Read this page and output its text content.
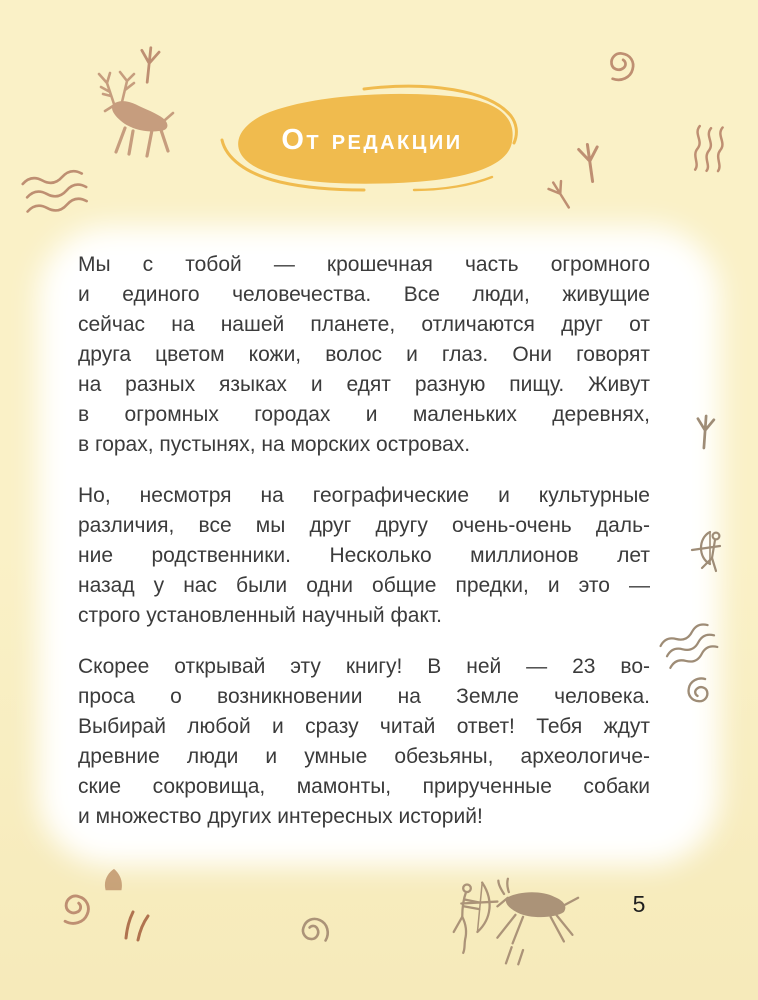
От редакции
Мы с тобой — крошечная часть огромного
и единого человечества. Все люди, живущие
сейчас на нашей планете, отличаются друг от
друга цветом кожи, волос и глаз. Они говорят
на разных языках и едят разную пищу. Живут
в огромных городах и маленьких деревнях,
в горах, пустынях, на морских островах.
Но, несмотря на географические и культурные
различия, все мы друг другу очень-очень даль-
ние родственники. Несколько миллионов лет
назад у нас были одни общие предки, и это —
строго установленный научный факт.
Скорее открывай эту книгу! В ней — 23 во-
проса о возникновении на Земле человека.
Выбирай любой и сразу читай ответ! Тебя ждут
древние люди и умные обезьяны, археологиче-
ские сокровища, мамонты, прирученные собаки
и множество других интересных историй!
5
